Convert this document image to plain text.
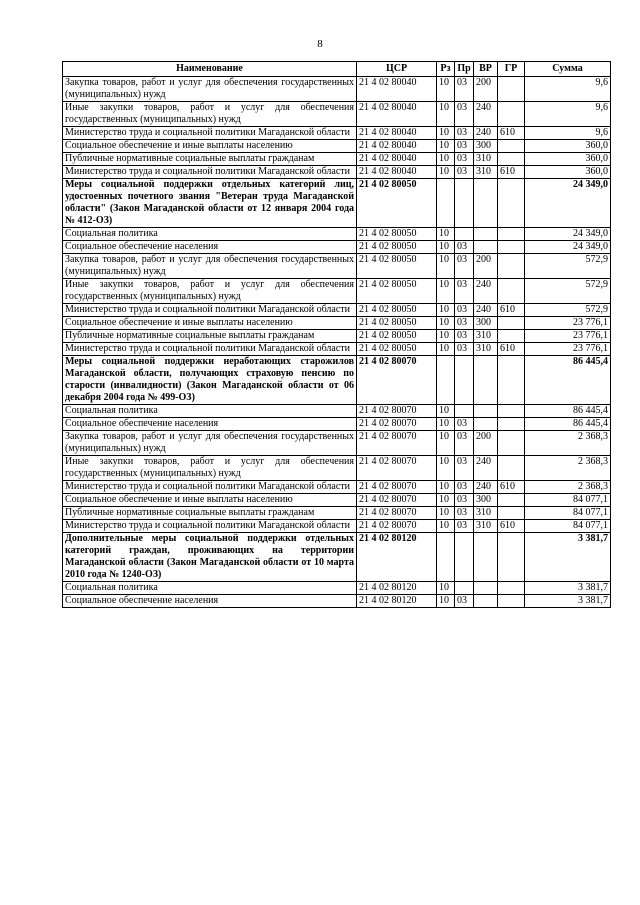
8
Наименование	ЦСР	Рз	Пр	ВР	ГР	Сумма
Закупка товаров, работ и услуг для обеспечения государственных (муниципальных) нужд	21 4 02 80040	10	03	200		9,6
Иные закупки товаров, работ и услуг для обеспечения государственных (муниципальных) нужд	21 4 02 80040	10	03	240		9,6
Министерство труда и социальной политики Магаданской области	21 4 02 80040	10	03	240	610	9,6
Социальное обеспечение и иные выплаты населению	21 4 02 80040	10	03	300		360,0
Публичные нормативные социальные выплаты гражданам	21 4 02 80040	10	03	310		360,0
Министерство труда и социальной политики Магаданской области	21 4 02 80040	10	03	310	610	360,0
Меры социальной поддержки отдельных категорий лиц, удостоенных почетного звания "Ветеран труда Магаданской области" (Закон Магаданской области от 12 января 2004 года № 412-ОЗ)	21 4 02 80050					24 349,0
Социальная политика	21 4 02 80050	10				24 349,0
Социальное обеспечение населения	21 4 02 80050	10	03			24 349,0
Закупка товаров, работ и услуг для обеспечения государственных (муниципальных) нужд	21 4 02 80050	10	03	200		572,9
Иные закупки товаров, работ и услуг для обеспечения государственных (муниципальных) нужд	21 4 02 80050	10	03	240		572,9
Министерство труда и социальной политики Магаданской области	21 4 02 80050	10	03	240	610	572,9
Социальное обеспечение и иные выплаты населению	21 4 02 80050	10	03	300		23 776,1
Публичные нормативные социальные выплаты гражданам	21 4 02 80050	10	03	310		23 776,1
Министерство труда и социальной политики Магаданской области	21 4 02 80050	10	03	310	610	23 776,1
Меры социальной поддержки неработающих старожилов Магаданской области, получающих страховую пенсию по старости (инвалидности) (Закон Магаданской области от 06 декабря 2004 года № 499-ОЗ)	21 4 02 80070					86 445,4
Социальная политика	21 4 02 80070	10				86 445,4
Социальное обеспечение населения	21 4 02 80070	10	03			86 445,4
Закупка товаров, работ и услуг для обеспечения государственных (муниципальных) нужд	21 4 02 80070	10	03	200		2 368,3
Иные закупки товаров, работ и услуг для обеспечения государственных (муниципальных) нужд	21 4 02 80070	10	03	240		2 368,3
Министерство труда и социальной политики Магаданской области	21 4 02 80070	10	03	240	610	2 368,3
Социальное обеспечение и иные выплаты населению	21 4 02 80070	10	03	300		84 077,1
Публичные нормативные социальные выплаты гражданам	21 4 02 80070	10	03	310		84 077,1
Министерство труда и социальной политики Магаданской области	21 4 02 80070	10	03	310	610	84 077,1
Дополнительные меры социальной поддержки отдельных категорий граждан, проживающих на территории Магаданской области (Закон Магаданской области от 10 марта 2010 года № 1240-ОЗ)	21 4 02 80120					3 381,7
Социальная политика	21 4 02 80120	10				3 381,7
Социальное обеспечение населения	21 4 02 80120	10	03			3 381,7
